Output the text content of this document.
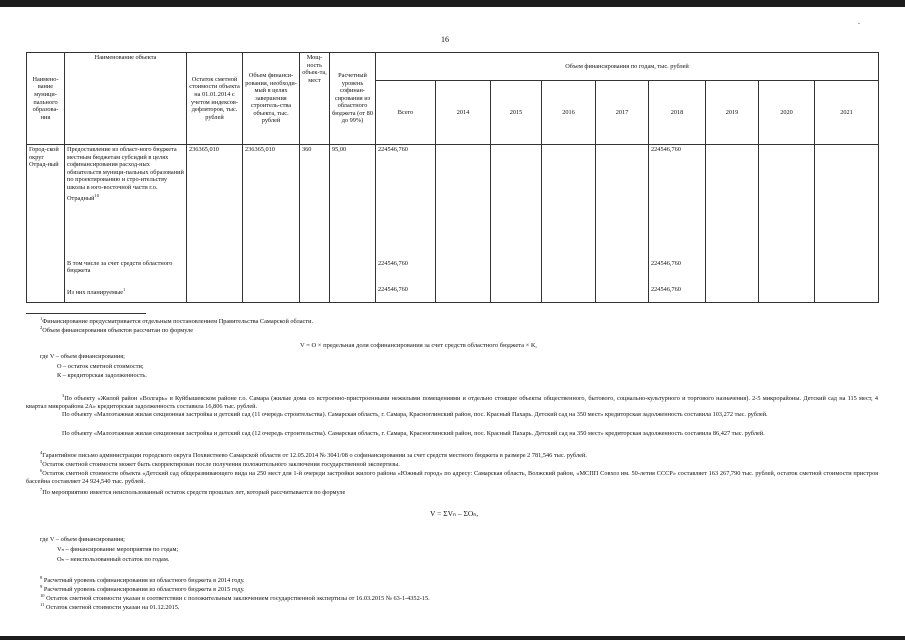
.
16
Наимено-вание муници-пального образова-ния	Наименование объекта	Остаток сметной стоимости объекта на 01.01.2014 с учетом индексов-дефляторов, тыс. рублей	Объем финанси-рования, необходи-мый в целях завершения строитель-ства объекта, тыс. рублей	Мощ-ность объек-та, мест	Расчетный уровень софинан-сирования из областного бюджета (от 80 до 99%)	Объем финансирования по годам, тыс. рублей								
						Всего	2014	2015	2016	2017	2018	2019	2020	2021
Город-ской округ Отрад-ный	Предоставление из област-ного бюджета местным бюджетам субсидий в целях софинансирования расход-ных обязательств муници-пальных образований по проектированию и стро-ительству школы в юго-восточной части г.о. Отрадный$^{10}$	236365,010	236365,010	360	95,00	224546,760					224546,760			
	В том числе за счет средств областного бюджета					224546,760					224546,760			
	Из них планируемые$^1$					224546,760					224546,760			
$^1$Финансирование предусматривается отдельным постановлением Правительства Самарской области.
$^2$Объем финансирования объектов рассчитан по формуле
V = О × предельная доля софинансирования за счет средств областного бюджета × К,
где V – объем финансирования;
О – остаток сметной стоимости;
К – кредиторская задолженность.
$^3$По объекту «Жилой район «Волгарь» в Куйбышевском районе г.о. Самара (жилые дома со встроенно-пристроенными нежилыми помещениями и отдельно стоящие объекты общественного, бытового, социально-культурного и торгового назначения). 2-5 микрорайоны. Детский сад на 115 мест, 4 квартал микрорайона 2А» кредиторская задолженность составила 16,806 тыс. рублей.
По объекту «Малоэтажная жилая секционная застройка и детский сад (11 очередь строительства). Самарская область, г. Самара, Красноглинский район, пос. Красный Пахарь. Детский сад на 350 мест» кредиторская задолженность составила 103,272 тыс. рублей.
По объекту «Малоэтажная жилая секционная застройка и детский сад (12 очередь строительства). Самарская область, г. Самара, Красноглинский район, пос. Красный Пахарь. Детский сад на 350 мест» кредиторская задолженность составила 86,427 тыс. рублей.
$^4$Гарантийное письмо администрации городского округа Похвистнево Самарской области от 12.05.2014 № 3041/08 о софинансировании за счет средств местного бюджета в размере 2 781,546 тыс. рублей.
$^5$Остаток сметной стоимости может быть скорректирован после получения положительного заключения государственной экспертизы.
$^6$Остаток сметной стоимости объекта «Детский сад общеразвивающего вида на 250 мест для 1-й очереди застройки жилого района «Южный город» по адресу: Самарская область, Волжский район, «МСПП Совхоз им. 50-летия СССР» составляет 163 267,790 тыс. рублей, остаток сметной стоимости пристроя бассейна составляет 24 924,540 тыс. рублей.
$^7$По мероприятию имеется неиспользованный остаток средств прошлых лет, который рассчитывается по формуле
V = ΣVₙ – ΣOₙ,
где V – объем финансирования;
Vₙ – финансирование мероприятия по годам;
Oₙ – неиспользованный остаток по годам.
$^8$ Расчетный уровень софинансирования из областного бюджета в 2014 году.
$^9$ Расчетный уровень софинансирования из областного бюджета в 2015 году.
$^{10}$ Остаток сметной стоимости указан в соответствии с положительным заключением государственной экспертизы от 16.03.2015 № 63-1-4352-15.
$^{11}$ Остаток сметной стоимости указан на 01.12.2015.
